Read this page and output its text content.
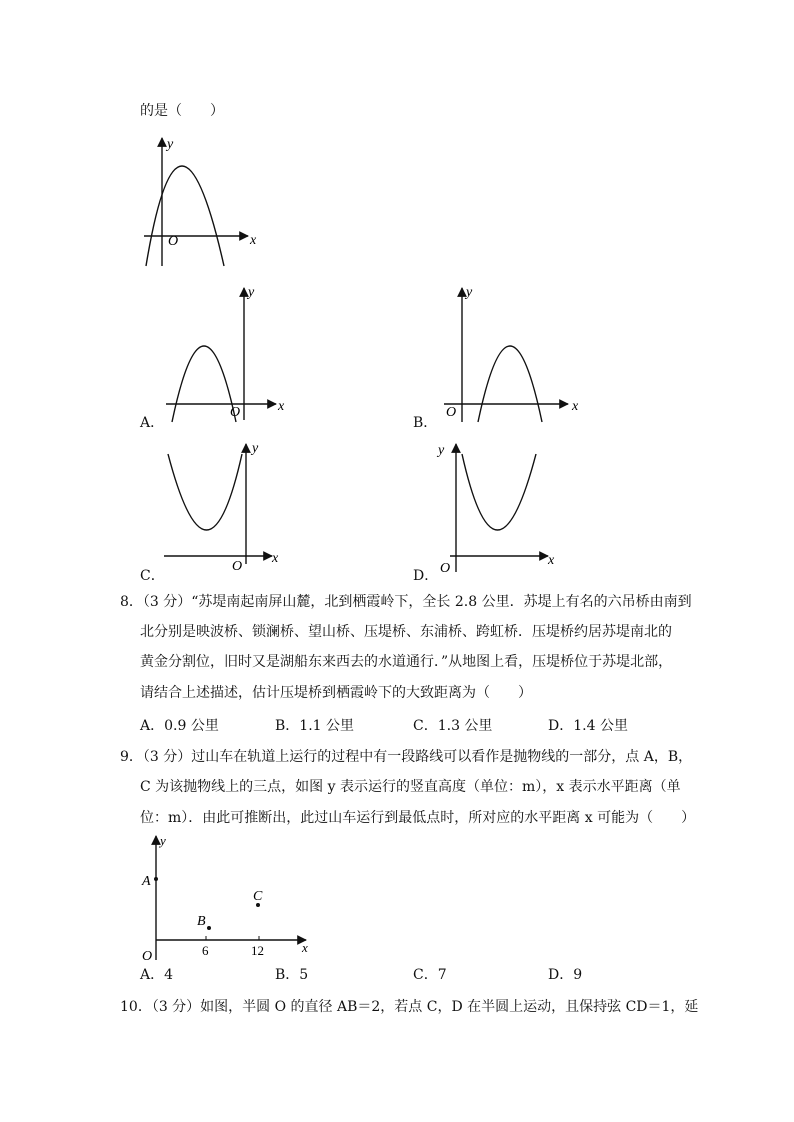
的是（　　）
y
x
O
y
x
O
A．
y
x
O
B．
y
x
O
C．
y
x
O
D．
8．（3 分）“苏堤南起南屏山麓，北到栖霞岭下，全长 2.8 公里．苏堤上有名的六吊桥由南到
北分别是映波桥、锁澜桥、望山桥、压堤桥、东浦桥、跨虹桥．压堤桥约居苏堤南北的
黄金分割位，旧时又是湖船东来西去的水道通行．”从地图上看，压堤桥位于苏堤北部，
请结合上述描述，估计压堤桥到栖霞岭下的大致距离为（　　）
A．0.9 公里	B．1.1 公里	C．1.3 公里	D．1.4 公里
9．（3 分）过山车在轨道上运行的过程中有一段路线可以看作是抛物线的一部分，点 A，B，
C 为该抛物线上的三点，如图 y 表示运行的竖直高度（单位：m），x 表示水平距离（单
位：m）．由此可推断出，此过山车运行到最低点时，所对应的水平距离 x 可能为（　　）
y
x
O
A
B
C
6	12
A．4	B．5	C．7	D．9
10．（3 分）如图，半圆 O 的直径 AB＝2，若点 C，D 在半圆上运动，且保持弦 CD＝1，延
